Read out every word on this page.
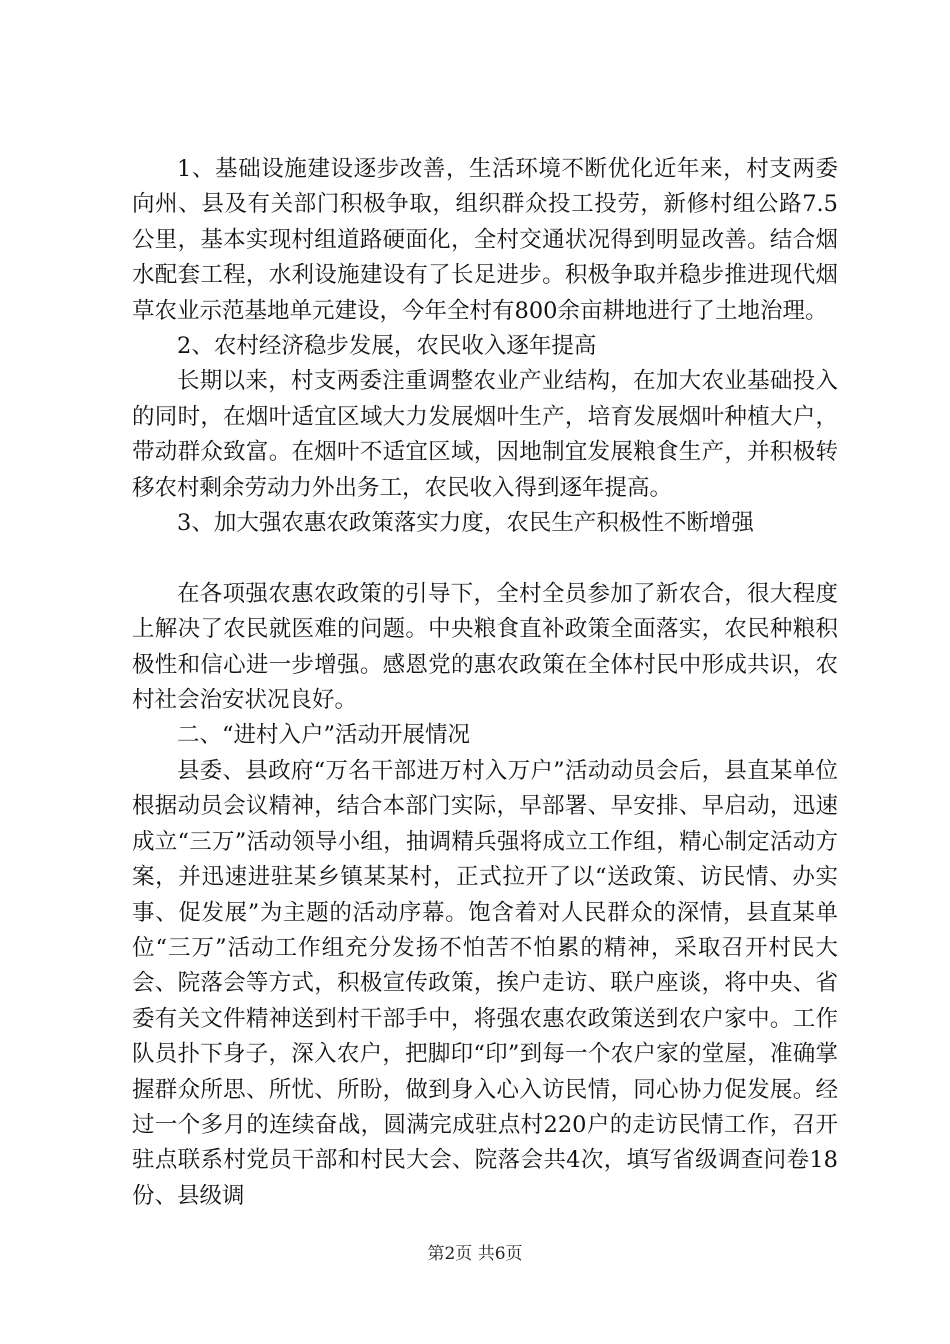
1、基础设施建设逐步改善，生活环境不断优化近年来，村支两委向州、县及有关部门积极争取，组织群众投工投劳，新修村组公路7.5公里，基本实现村组道路硬面化，全村交通状况得到明显改善。结合烟水配套工程，水利设施建设有了长足进步。积极争取并稳步推进现代烟草农业示范基地单元建设，今年全村有800余亩耕地进行了土地治理。

2、农村经济稳步发展，农民收入逐年提高

长期以来，村支两委注重调整农业产业结构，在加大农业基础投入的同时，在烟叶适宜区域大力发展烟叶生产，培育发展烟叶种植大户，带动群众致富。在烟叶不适宜区域，因地制宜发展粮食生产，并积极转移农村剩余劳动力外出务工，农民收入得到逐年提高。

3、加大强农惠农政策落实力度，农民生产积极性不断增强

在各项强农惠农政策的引导下，全村全员参加了新农合，很大程度上解决了农民就医难的问题。中央粮食直补政策全面落实，农民种粮积极性和信心进一步增强。感恩党的惠农政策在全体村民中形成共识，农村社会治安状况良好。

二、“进村入户”活动开展情况

县委、县政府“万名干部进万村入万户”活动动员会后，县直某单位根据动员会议精神，结合本部门实际，早部署、早安排、早启动，迅速成立“三万”活动领导小组，抽调精兵强将成立工作组，精心制定活动方案，并迅速进驻某乡镇某某村，正式拉开了以“送政策、访民情、办实事、促发展”为主题的活动序幕。饱含着对人民群众的深情，县直某单位“三万”活动工作组充分发扬不怕苦不怕累的精神，采取召开村民大会、院落会等方式，积极宣传政策，挨户走访、联户座谈，将中央、省委有关文件精神送到村干部手中，将强农惠农政策送到农户家中。工作队员扑下身子，深入农户，把脚印“印”到每一个农户家的堂屋，准确掌握群众所思、所忧、所盼，做到身入心入访民情，同心协力促发展。经过一个多月的连续奋战，圆满完成驻点村220户的走访民情工作，召开驻点联系村党员干部和村民大会、院落会共4次，填写省级调查问卷18份、县级调

第2页 共6页
